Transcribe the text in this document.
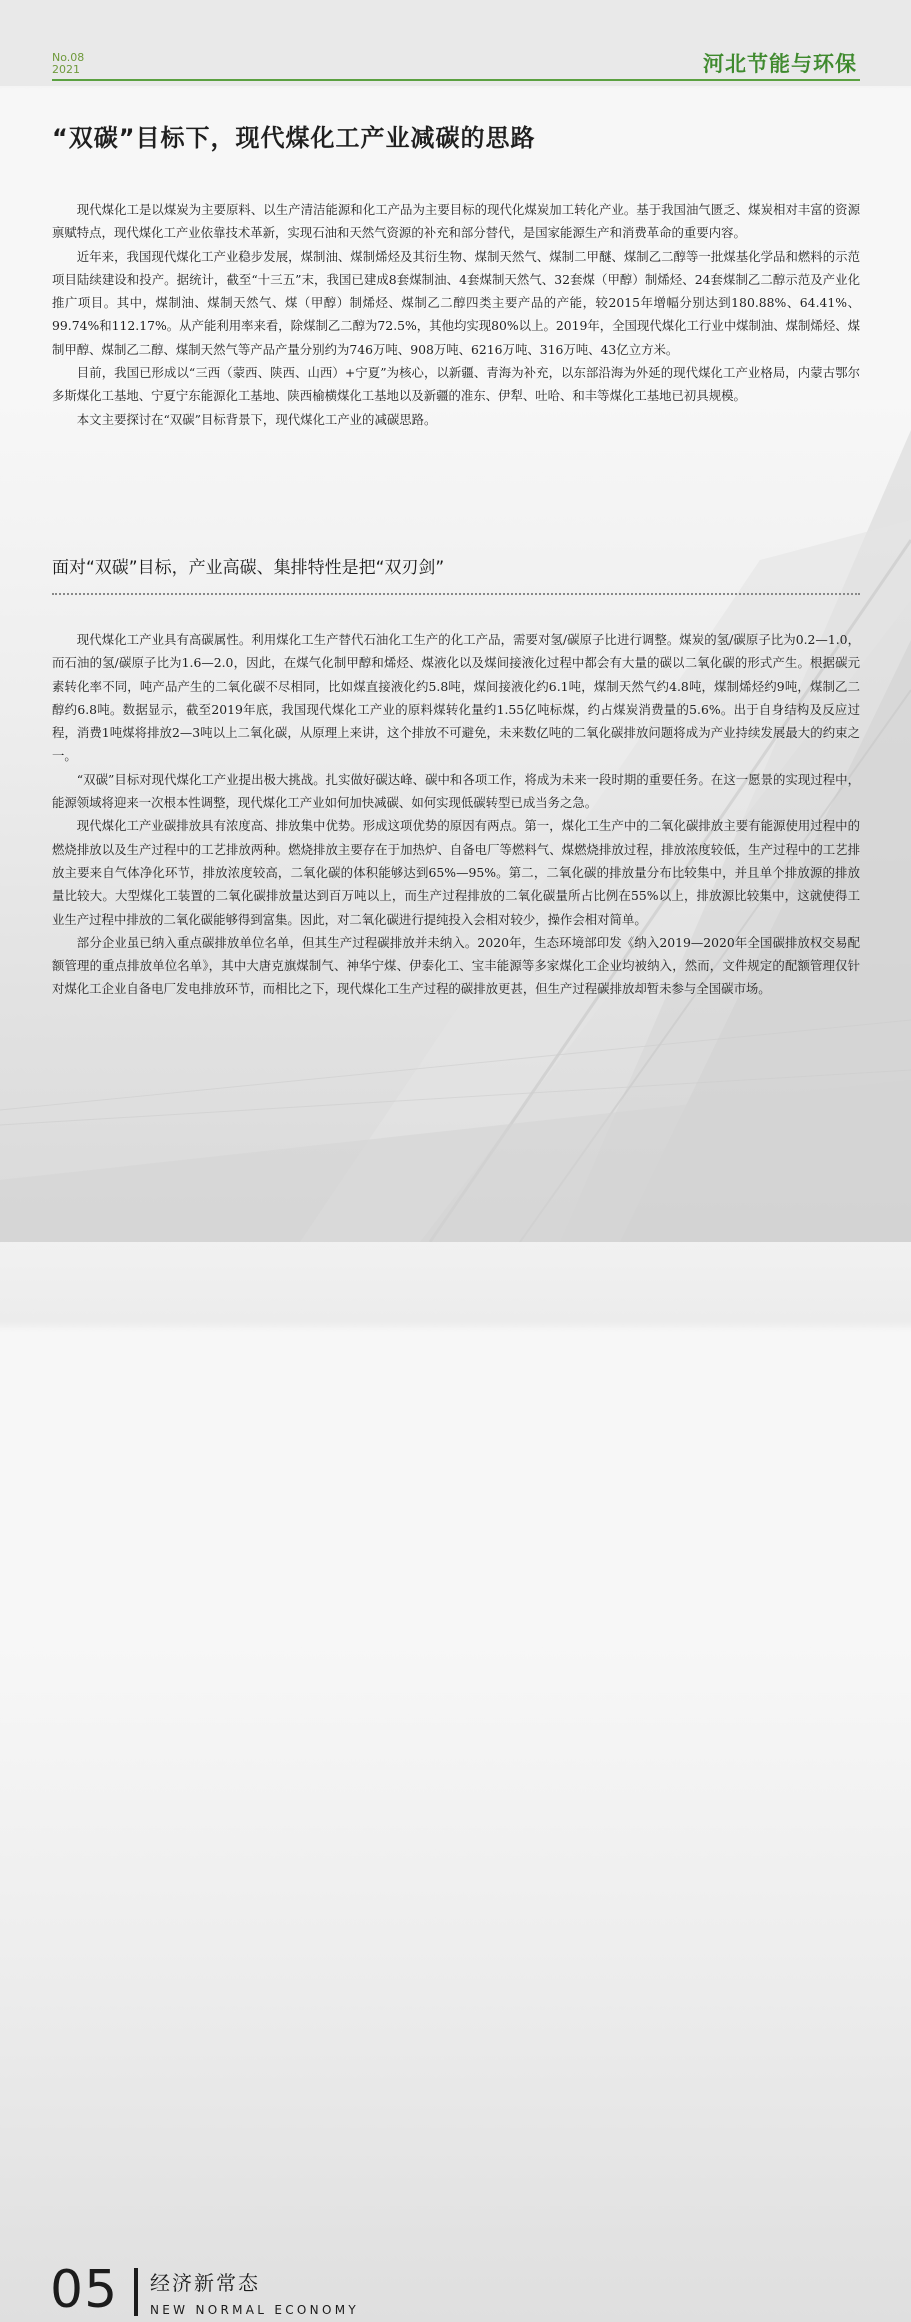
No.08
2021	河北节能与环保
“双碳”目标下，现代煤化工产业减碳的思路

现代煤化工是以煤炭为主要原料、以生产清洁能源和化工产品为主要目标的现代化煤炭加工转化产业。基于我国油气匮乏、煤炭相对丰富的资源禀赋特点，现代煤化工产业依靠技术革新，实现石油和天然气资源的补充和部分替代，是国家能源生产和消费革命的重要内容。

近年来，我国现代煤化工产业稳步发展，煤制油、煤制烯烃及其衍生物、煤制天然气、煤制二甲醚、煤制乙二醇等一批煤基化学品和燃料的示范项目陆续建设和投产。据统计，截至“十三五”末，我国已建成8套煤制油、4套煤制天然气、32套煤（甲醇）制烯烃、24套煤制乙二醇示范及产业化推广项目。其中，煤制油、煤制天然气、煤（甲醇）制烯烃、煤制乙二醇四类主要产品的产能，较2015年增幅分别达到180.88%、64.41%、99.74%和112.17%。从产能利用率来看，除煤制乙二醇为72.5%，其他均实现80%以上。2019年，全国现代煤化工行业中煤制油、煤制烯烃、煤制甲醇、煤制乙二醇、煤制天然气等产品产量分别约为746万吨、908万吨、6216万吨、316万吨、43亿立方米。

目前，我国已形成以“三西（蒙西、陕西、山西）+宁夏”为核心，以新疆、青海为补充，以东部沿海为外延的现代煤化工产业格局，内蒙古鄂尔多斯煤化工基地、宁夏宁东能源化工基地、陕西榆横煤化工基地以及新疆的准东、伊犁、吐哈、和丰等煤化工基地已初具规模。

本文主要探讨在“双碳”目标背景下，现代煤化工产业的减碳思路。

面对“双碳”目标，产业高碳、集排特性是把“双刃剑”

现代煤化工产业具有高碳属性。利用煤化工生产替代石油化工生产的化工产品，需要对氢/碳原子比进行调整。煤炭的氢/碳原子比为0.2—1.0，而石油的氢/碳原子比为1.6—2.0，因此，在煤气化制甲醇和烯烃、煤液化以及煤间接液化过程中都会有大量的碳以二氧化碳的形式产生。根据碳元素转化率不同，吨产品产生的二氧化碳不尽相同，比如煤直接液化约5.8吨，煤间接液化约6.1吨，煤制天然气约4.8吨，煤制烯烃约9吨，煤制乙二醇约6.8吨。数据显示，截至2019年底，我国现代煤化工产业的原料煤转化量约1.55亿吨标煤，约占煤炭消费量的5.6%。出于自身结构及反应过程，消费1吨煤将排放2—3吨以上二氧化碳，从原理上来讲，这个排放不可避免，未来数亿吨的二氧化碳排放问题将成为产业持续发展最大的约束之一。

“双碳”目标对现代煤化工产业提出极大挑战。扎实做好碳达峰、碳中和各项工作，将成为未来一段时期的重要任务。在这一愿景的实现过程中，能源领域将迎来一次根本性调整，现代煤化工产业如何加快减碳、如何实现低碳转型已成当务之急。

现代煤化工产业碳排放具有浓度高、排放集中优势。形成这项优势的原因有两点。第一，煤化工生产中的二氧化碳排放主要有能源使用过程中的燃烧排放以及生产过程中的工艺排放两种。燃烧排放主要存在于加热炉、自备电厂等燃料气、煤燃烧排放过程，排放浓度较低，生产过程中的工艺排放主要来自气体净化环节，排放浓度较高，二氧化碳的体积能够达到65%—95%。第二，二氧化碳的排放量分布比较集中，并且单个排放源的排放量比较大。大型煤化工装置的二氧化碳排放量达到百万吨以上，而生产过程排放的二氧化碳量所占比例在55%以上，排放源比较集中，这就使得工业生产过程中排放的二氧化碳能够得到富集。因此，对二氧化碳进行提纯投入会相对较少，操作会相对简单。

部分企业虽已纳入重点碳排放单位名单，但其生产过程碳排放并未纳入。2020年，生态环境部印发《纳入2019—2020年全国碳排放权交易配额管理的重点排放单位名单》，其中大唐克旗煤制气、神华宁煤、伊泰化工、宝丰能源等多家煤化工企业均被纳入，然而，文件规定的配额管理仅针对煤化工企业自备电厂发电排放环节，而相比之下，现代煤化工生产过程的碳排放更甚，但生产过程碳排放却暂未参与全国碳市场。

05 经济新常态
NEW NORMAL ECONOMY
